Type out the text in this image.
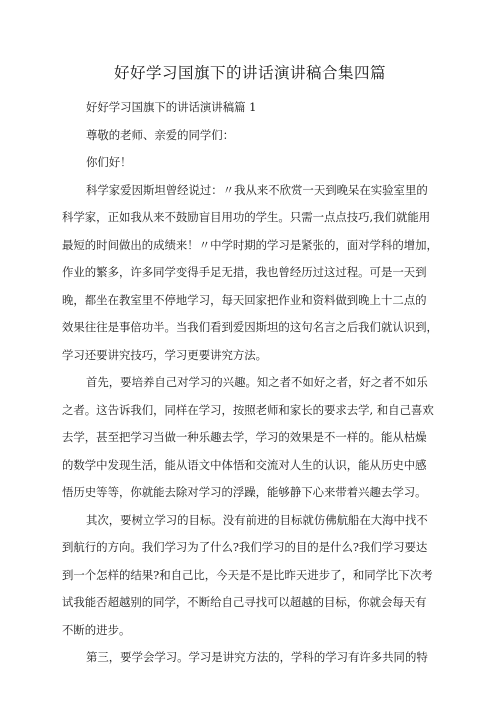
好好学习国旗下的讲话演讲稿合集四篇

好好学习国旗下的讲话演讲稿篇 1

尊敬的老师、亲爱的同学们：

你们好！

科学家爱因斯坦曾经说过：〃我从来不欣赏一天到晚呆在实验室里的

科学家，正如我从来不鼓励盲目用功的学生。只需一点点技巧,我们就能用

最短的时间做出的成绩来！〃中学时期的学习是紧张的，面对学科的增加，

作业的繁多，许多同学变得手足无措，我也曾经历过这过程。可是一天到

晚，都坐在教室里不停地学习，每天回家把作业和资料做到晚上十二点的

效果往往是事倍功半。当我们看到爱因斯坦的这句名言之后我们就认识到，

学习还要讲究技巧，学习更要讲究方法。

首先，要培养自己对学习的兴趣。知之者不如好之者，好之者不如乐

之者。这告诉我们，同样在学习，按照老师和家长的要求去学, 和自己喜欢

去学，甚至把学习当做一种乐趣去学，学习的效果是不一样的。能从枯燥

的数学中发现生活，能从语文中体悟和交流对人生的认识，能从历史中感

悟历史等等，你就能去除对学习的浮躁，能够静下心来带着兴趣去学习。

其次，要树立学习的目标。没有前进的目标就仿佛航船在大海中找不

到航行的方向。我们学习为了什么?我们学习的目的是什么?我们学习要达

到一个怎样的结果?和自己比，今天是不是比昨天进步了，和同学比下次考

试我能否超越别的同学，不断给自己寻找可以超越的目标，你就会每天有

不断的进步。

第三，要学会学习。学习是讲究方法的，学科的学习有许多共同的特
